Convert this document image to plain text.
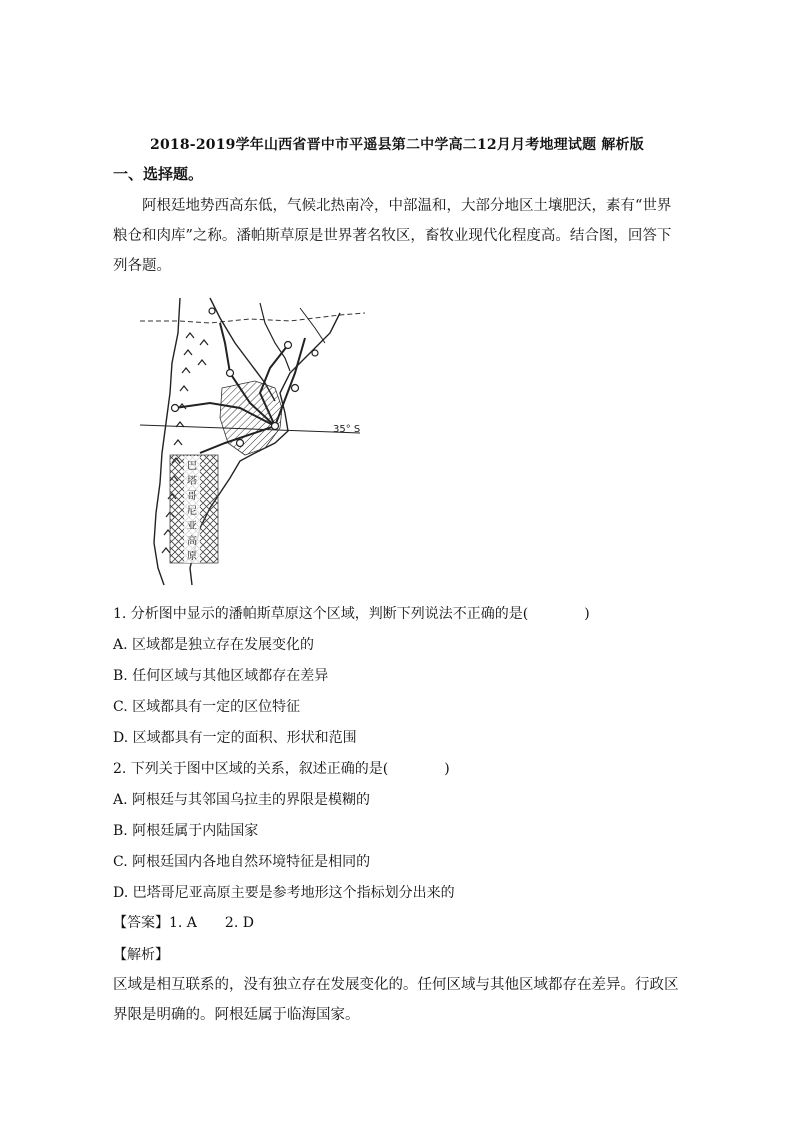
2018-2019学年山西省晋中市平遥县第二中学高二12月月考地理试题 解析版
一、选择题。
阿根廷地势西高东低，气候北热南冷，中部温和，大部分地区土壤肥沃，素有“世界粮仓和肉库”之称。潘帕斯草原是世界著名牧区，畜牧业现代化程度高。结合图，回答下列各题。
35° S
巴
塔
哥
尼
亚
高
原
1. 分析图中显示的潘帕斯草原这个区域，判断下列说法不正确的是(　　　　)
A. 区域都是独立存在发展变化的
B. 任何区域与其他区域都存在差异
C. 区域都具有一定的区位特征
D. 区域都具有一定的面积、形状和范围
2. 下列关于图中区域的关系，叙述正确的是(　　　　)
A. 阿根廷与其邻国乌拉圭的界限是模糊的
B. 阿根廷属于内陆国家
C. 阿根廷国内各地自然环境特征是相同的
D. 巴塔哥尼亚高原主要是参考地形这个指标划分出来的
【答案】1. A　　2. D
【解析】
区域是相互联系的，没有独立存在发展变化的。任何区域与其他区域都存在差异。行政区界限是明确的。阿根廷属于临海国家。
